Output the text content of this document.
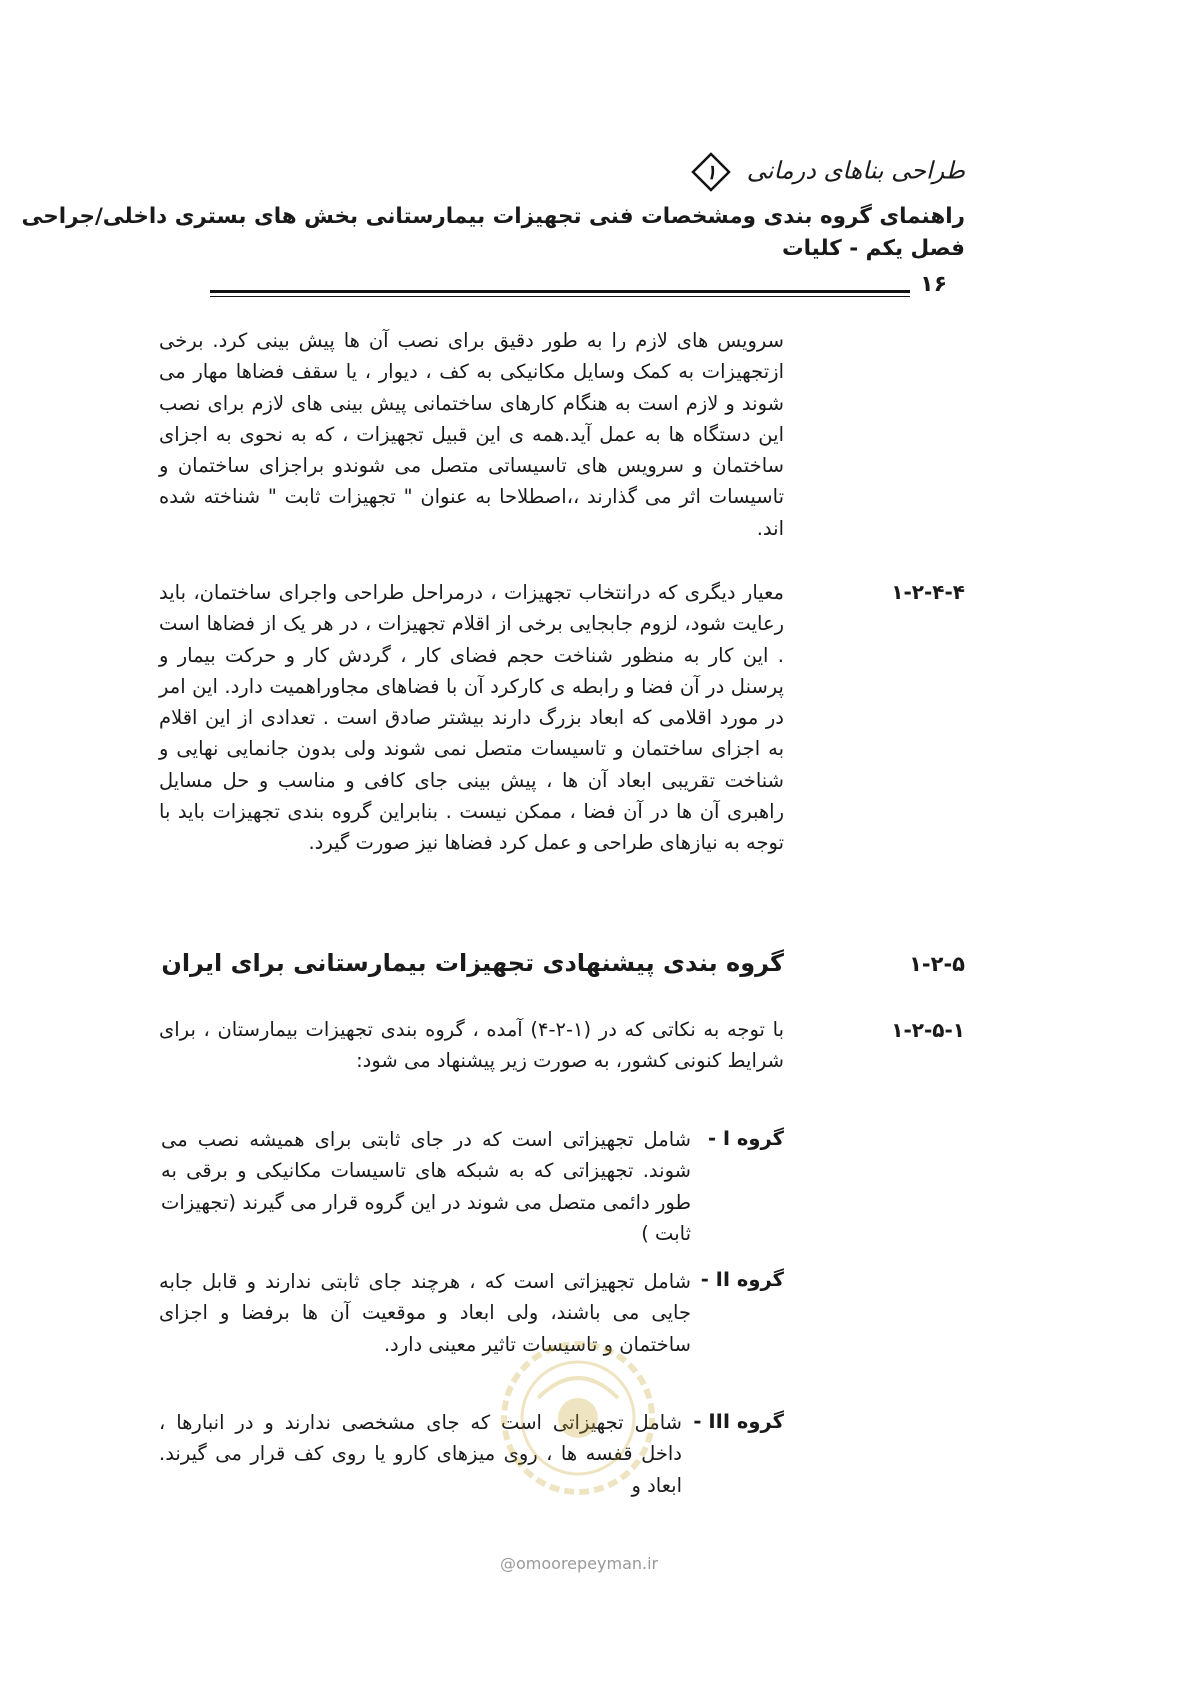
طراحی بناهای درمانی
۱
راهنمای گروه بندی ومشخصات فنی تجهیزات بیمارستانی بخش های بستری داخلی/جراحی
فصل یکم - کلیات
۱۶
سرویس های لازم را به طور دقیق برای نصب آن ها پیش بینی کرد. برخی ازتجهیزات به کمک وسایل مکانیکی به کف ، دیوار ، یا سقف فضاها مهار می شوند و لازم است به هنگام کارهای ساختمانی پیش بینی های لازم برای نصب این دستگاه ها به عمل آید.همه ی این قبیل تجهیزات ، که به نحوی به اجزای ساختمان و سرویس های تاسیساتی متصل می شوندو براجزای ساختمان و تاسیسات اثر می گذارند ،،اصطلاحا به عنوان " تجهیزات ثابت " شناخته شده اند.
۱-۲-۴-۴
معیار دیگری که درانتخاب تجهیزات ، درمراحل طراحی واجرای ساختمان، باید رعایت شود، لزوم جابجایی برخی از اقلام تجهیزات ، در هر یک از فضاها است . این کار به منظور شناخت حجم فضای کار ، گردش کار و حرکت بیمار و پرسنل در آن فضا و رابطه ی کارکرد آن با فضاهای مجاوراهمیت دارد. این امر در مورد اقلامی که ابعاد بزرگ دارند بیشتر صادق است . تعدادی از این اقلام به اجزای ساختمان و تاسیسات متصل نمی شوند ولی بدون جانمایی نهایی و شناخت تقریبی ابعاد آن ها ، پیش بینی جای کافی و مناسب و حل مسایل راهبری آن ها در آن فضا ، ممکن نیست . بنابراین گروه بندی تجهیزات باید با توجه به نیازهای طراحی و عمل کرد فضاها نیز صورت گیرد.
۱-۲-۵
گروه بندی پیشنهادی تجهیزات بیمارستانی برای ایران
۱-۲-۵-۱
با توجه به نکاتی که در (۱-۲-۴) آمده ، گروه بندی تجهیزات بیمارستان ، برای شرایط کنونی کشور، به صورت زیر پیشنهاد می شود:
گروه I -
شامل تجهیزاتی است که در جای ثابتی برای همیشه نصب می شوند. تجهیزاتی که به شبکه های تاسیسات مکانیکی و برقی به طور دائمی متصل می شوند در این گروه قرار می گیرند (تجهیزات ثابت )
گروه II -
شامل تجهیزاتی است که ، هرچند جای ثابتی ندارند و قابل جابه جایی می باشند، ولی ابعاد و موقعیت آن ها برفضا و اجزای ساختمان و تاسیسات تاثیر معینی دارد.
گروه III -
شامل تجهیزاتی است که جای مشخصی ندارند و در انبارها ، داخل قفسه ها ، روی میزهای کارو یا روی کف قرار می گیرند. ابعاد و
@omoorepeyman.ir
